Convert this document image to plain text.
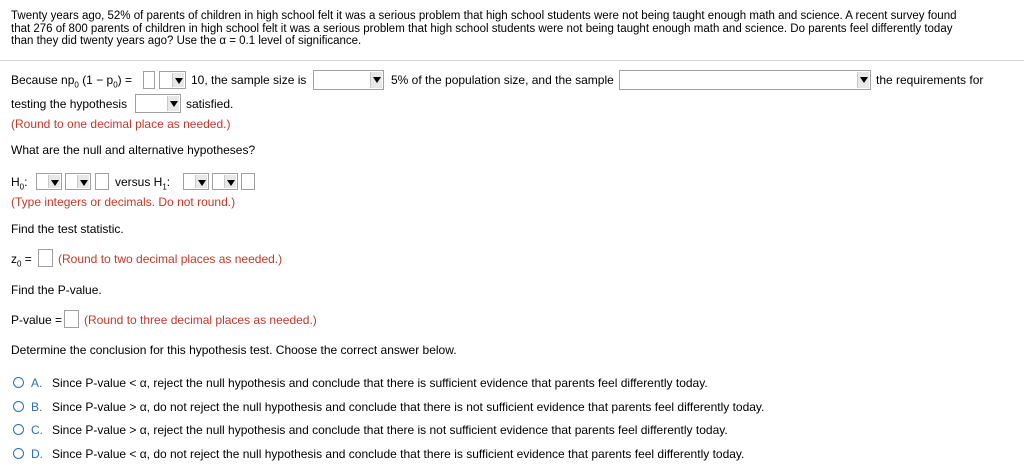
Twenty years ago, 52% of parents of children in high school felt it was a serious problem that high school students were not being taught enough math and science. A recent survey found
that 276 of 800 parents of children in high school felt it was a serious problem that high school students were not being taught enough math and science. Do parents feel differently today
than they did twenty years ago? Use the α = 0.1 level of significance.
Because $np_0$ $(1 - p_0)$ =	10, the sample size is	5% of the population size, and the sample	the requirements for
testing the hypothesis	satisfied.
(Round to one decimal place as needed.)
What are the null and alternative hypotheses?
$H_0$:	versus $H_1$:
(Type integers or decimals. Do not round.)
Find the test statistic.
$z_0$ = (Round to two decimal places as needed.)
Find the P-value.
P-value = (Round to three decimal places as needed.)
Determine the conclusion for this hypothesis test. Choose the correct answer below.
A. Since P-value < α, reject the null hypothesis and conclude that there is sufficient evidence that parents feel differently today.
B. Since P-value > α, do not reject the null hypothesis and conclude that there is not sufficient evidence that parents feel differently today.
C. Since P-value > α, reject the null hypothesis and conclude that there is not sufficient evidence that parents feel differently today.
D. Since P-value < α, do not reject the null hypothesis and conclude that there is sufficient evidence that parents feel differently today.
